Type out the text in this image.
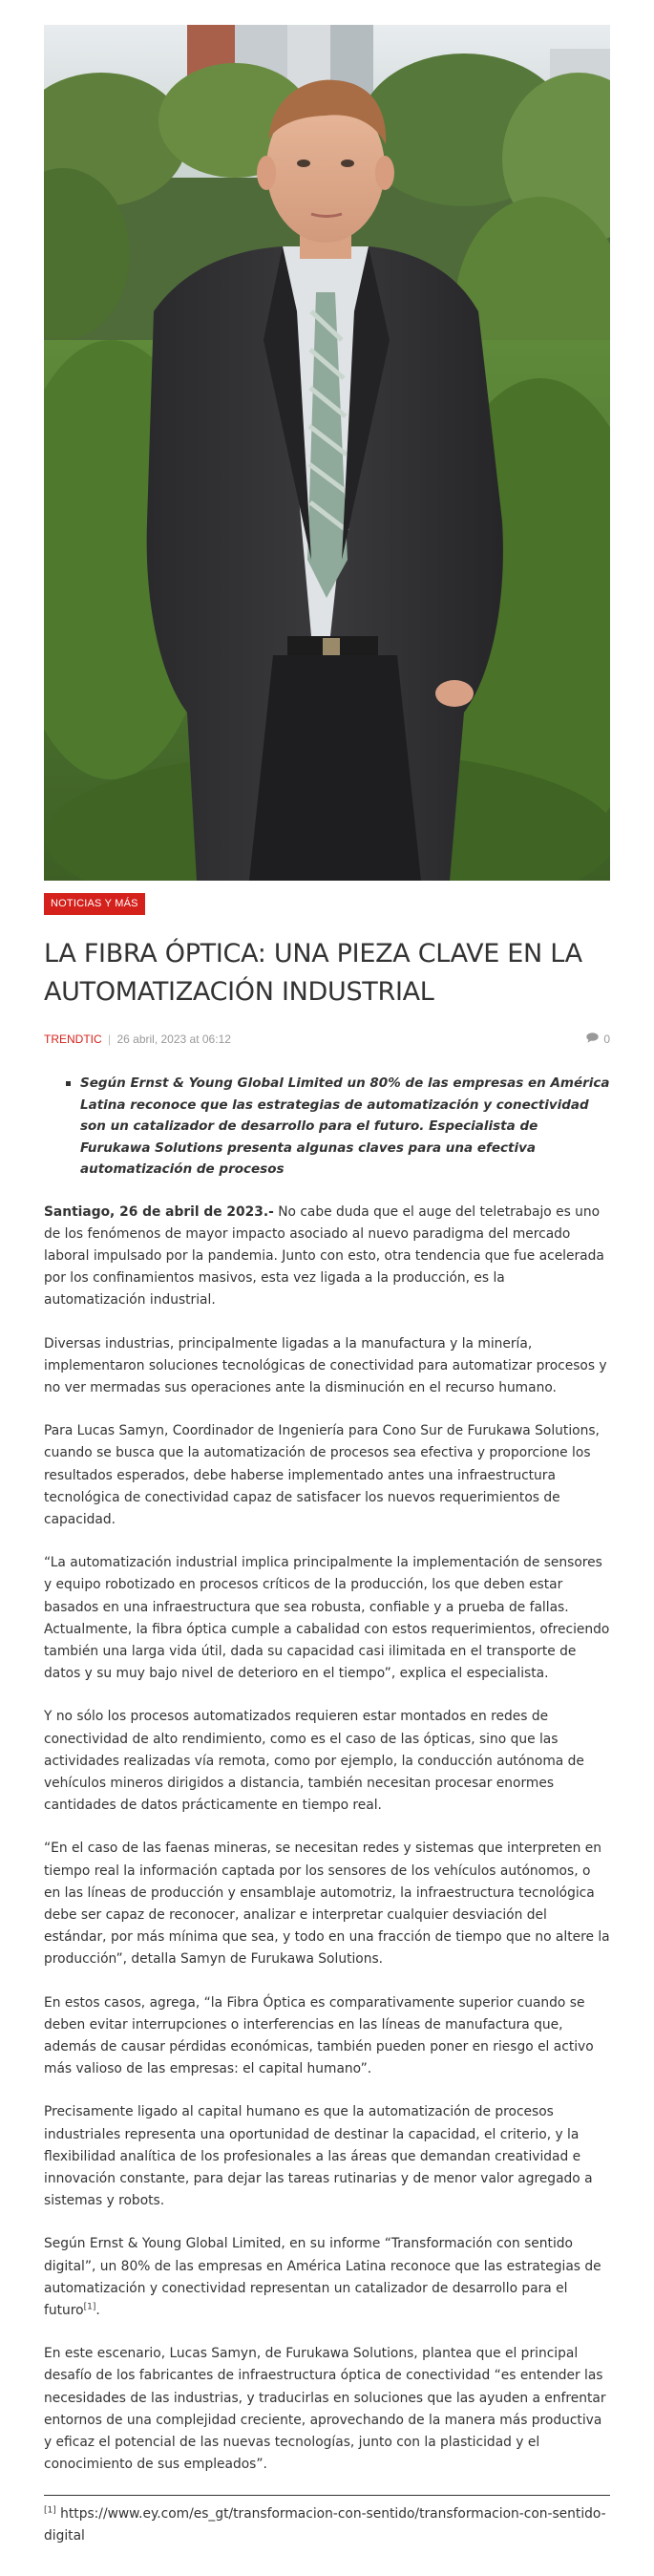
NOTICIAS Y MÁS
LA FIBRA ÓPTICA: UNA PIEZA CLAVE EN LA AUTOMATIZACIÓN INDUSTRIAL
TRENDTIC | 26 abril, 2023 at 06:12	0
Según Ernst & Young Global Limited un 80% de las empresas en América Latina reconoce que las estrategias de automatización y conectividad son un catalizador de desarrollo para el futuro. Especialista de Furukawa Solutions presenta algunas claves para una efectiva automatización de procesos

Santiago, 26 de abril de 2023.- No cabe duda que el auge del teletrabajo es uno de los fenómenos de mayor impacto asociado al nuevo paradigma del mercado laboral impulsado por la pandemia. Junto con esto, otra tendencia que fue acelerada por los confinamientos masivos, esta vez ligada a la producción, es la automatización industrial.

Diversas industrias, principalmente ligadas a la manufactura y la minería, implementaron soluciones tecnológicas de conectividad para automatizar procesos y no ver mermadas sus operaciones ante la disminución en el recurso humano.

Para Lucas Samyn, Coordinador de Ingeniería para Cono Sur de Furukawa Solutions, cuando se busca que la automatización de procesos sea efectiva y proporcione los resultados esperados, debe haberse implementado antes una infraestructura tecnológica de conectividad capaz de satisfacer los nuevos requerimientos de capacidad.

“La automatización industrial implica principalmente la implementación de sensores y equipo robotizado en procesos críticos de la producción, los que deben estar basados en una infraestructura que sea robusta, confiable y a prueba de fallas. Actualmente, la fibra óptica cumple a cabalidad con estos requerimientos, ofreciendo también una larga vida útil, dada su capacidad casi ilimitada en el transporte de datos y su muy bajo nivel de deterioro en el tiempo”, explica el especialista.

Y no sólo los procesos automatizados requieren estar montados en redes de conectividad de alto rendimiento, como es el caso de las ópticas, sino que las actividades realizadas vía remota, como por ejemplo, la conducción autónoma de vehículos mineros dirigidos a distancia, también necesitan procesar enormes cantidades de datos prácticamente en tiempo real.

“En el caso de las faenas mineras, se necesitan redes y sistemas que interpreten en tiempo real la información captada por los sensores de los vehículos autónomos, o en las líneas de producción y ensamblaje automotriz, la infraestructura tecnológica debe ser capaz de reconocer, analizar e interpretar cualquier desviación del estándar, por más mínima que sea, y todo en una fracción de tiempo que no altere la producción”, detalla Samyn de Furukawa Solutions.

En estos casos, agrega, “la Fibra Óptica es comparativamente superior cuando se deben evitar interrupciones o interferencias en las líneas de manufactura que, además de causar pérdidas económicas, también pueden poner en riesgo el activo más valioso de las empresas: el capital humano”.

Precisamente ligado al capital humano es que la automatización de procesos industriales representa una oportunidad de destinar la capacidad, el criterio, y la flexibilidad analítica de los profesionales a las áreas que demandan creatividad e innovación constante, para dejar las tareas rutinarias y de menor valor agregado a sistemas y robots.

Según Ernst & Young Global Limited, en su informe “Transformación con sentido digital”, un 80% de las empresas en América Latina reconoce que las estrategias de automatización y conectividad representan un catalizador de desarrollo para el futuro[1].

En este escenario, Lucas Samyn, de Furukawa Solutions, plantea que el principal desafío de los fabricantes de infraestructura óptica de conectividad “es entender las necesidades de las industrias, y traducirlas en soluciones que las ayuden a enfrentar entornos de una complejidad creciente, aprovechando de la manera más productiva y eficaz el potencial de las nuevas tecnologías, junto con la plasticidad y el conocimiento de sus empleados”.

[1] https://www.ey.com/es_gt/transformacion-con-sentido/transformacion-con-sentido-digital
